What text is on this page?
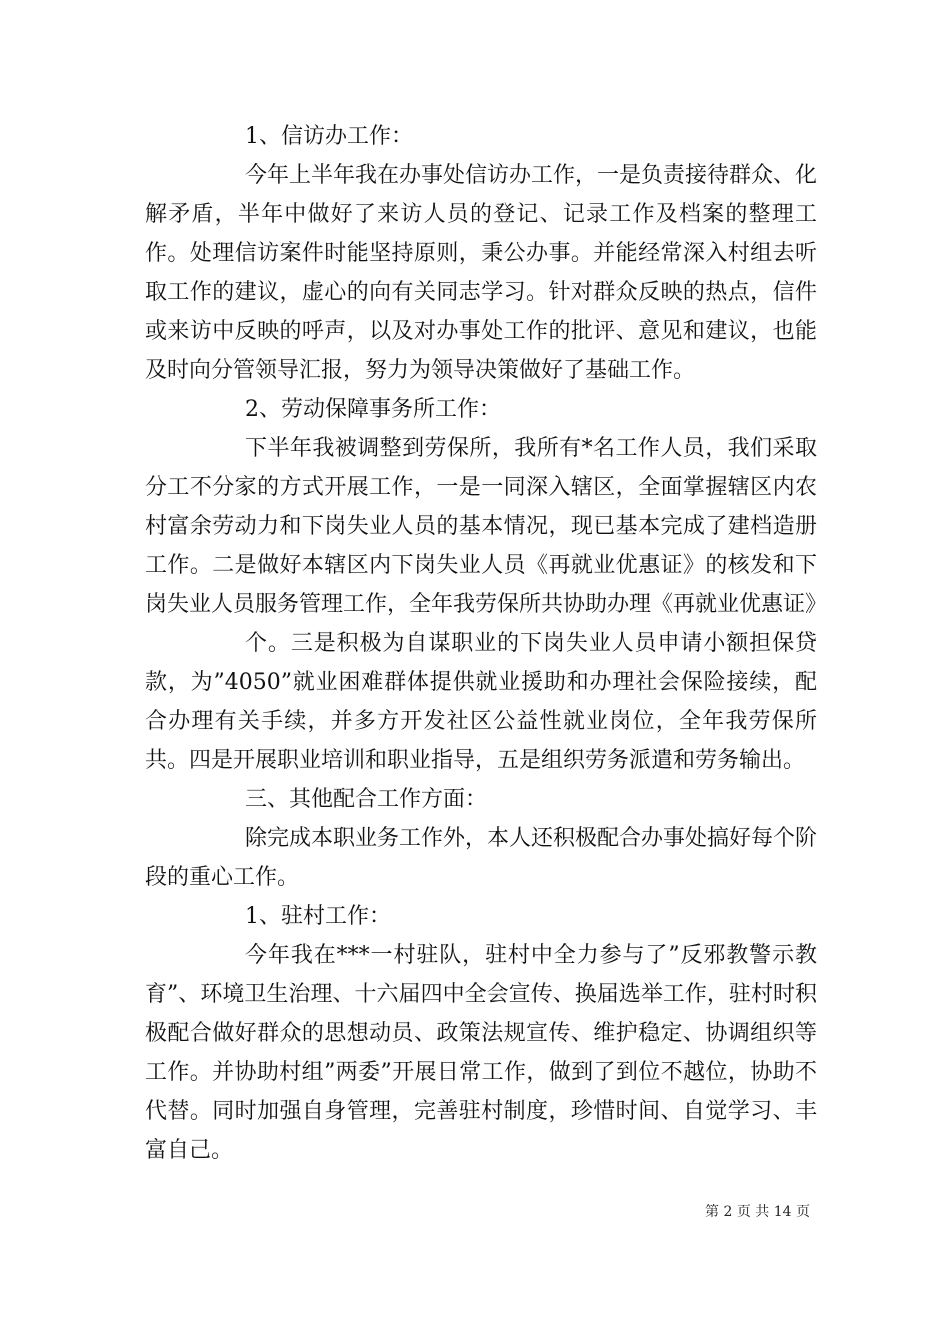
1、信访办工作：

今年上半年我在办事处信访办工作，一是负责接待群众、化解矛盾，半年中做好了来访人员的登记、记录工作及档案的整理工作。处理信访案件时能坚持原则，秉公办事。并能经常深入村组去听取工作的建议，虚心的向有关同志学习。针对群众反映的热点，信件或来访中反映的呼声，以及对办事处工作的批评、意见和建议，也能及时向分管领导汇报，努力为领导决策做好了基础工作。

2、劳动保障事务所工作：

下半年我被调整到劳保所，我所有*名工作人员，我们采取分工不分家的方式开展工作，一是一同深入辖区，全面掌握辖区内农村富余劳动力和下岗失业人员的基本情况，现已基本完成了建档造册工作。二是做好本辖区内下岗失业人员《再就业优惠证》的核发和下岗失业人员服务管理工作，全年我劳保所共协助办理《再就业优惠证》

个。三是积极为自谋职业的下岗失业人员申请小额担保贷款，为”4050”就业困难群体提供就业援助和办理社会保险接续，配合办理有关手续，并多方开发社区公益性就业岗位，全年我劳保所共。四是开展职业培训和职业指导，五是组织劳务派遣和劳务输出。

三、其他配合工作方面：

除完成本职业务工作外，本人还积极配合办事处搞好每个阶段的重心工作。

1、驻村工作：

今年我在***一村驻队，驻村中全力参与了”反邪教警示教育”、环境卫生治理、十六届四中全会宣传、换届选举工作，驻村时积极配合做好群众的思想动员、政策法规宣传、维护稳定、协调组织等工作。并协助村组”两委”开展日常工作，做到了到位不越位，协助不代替。同时加强自身管理，完善驻村制度，珍惜时间、自觉学习、丰富自己。

第 2 页 共 14 页
